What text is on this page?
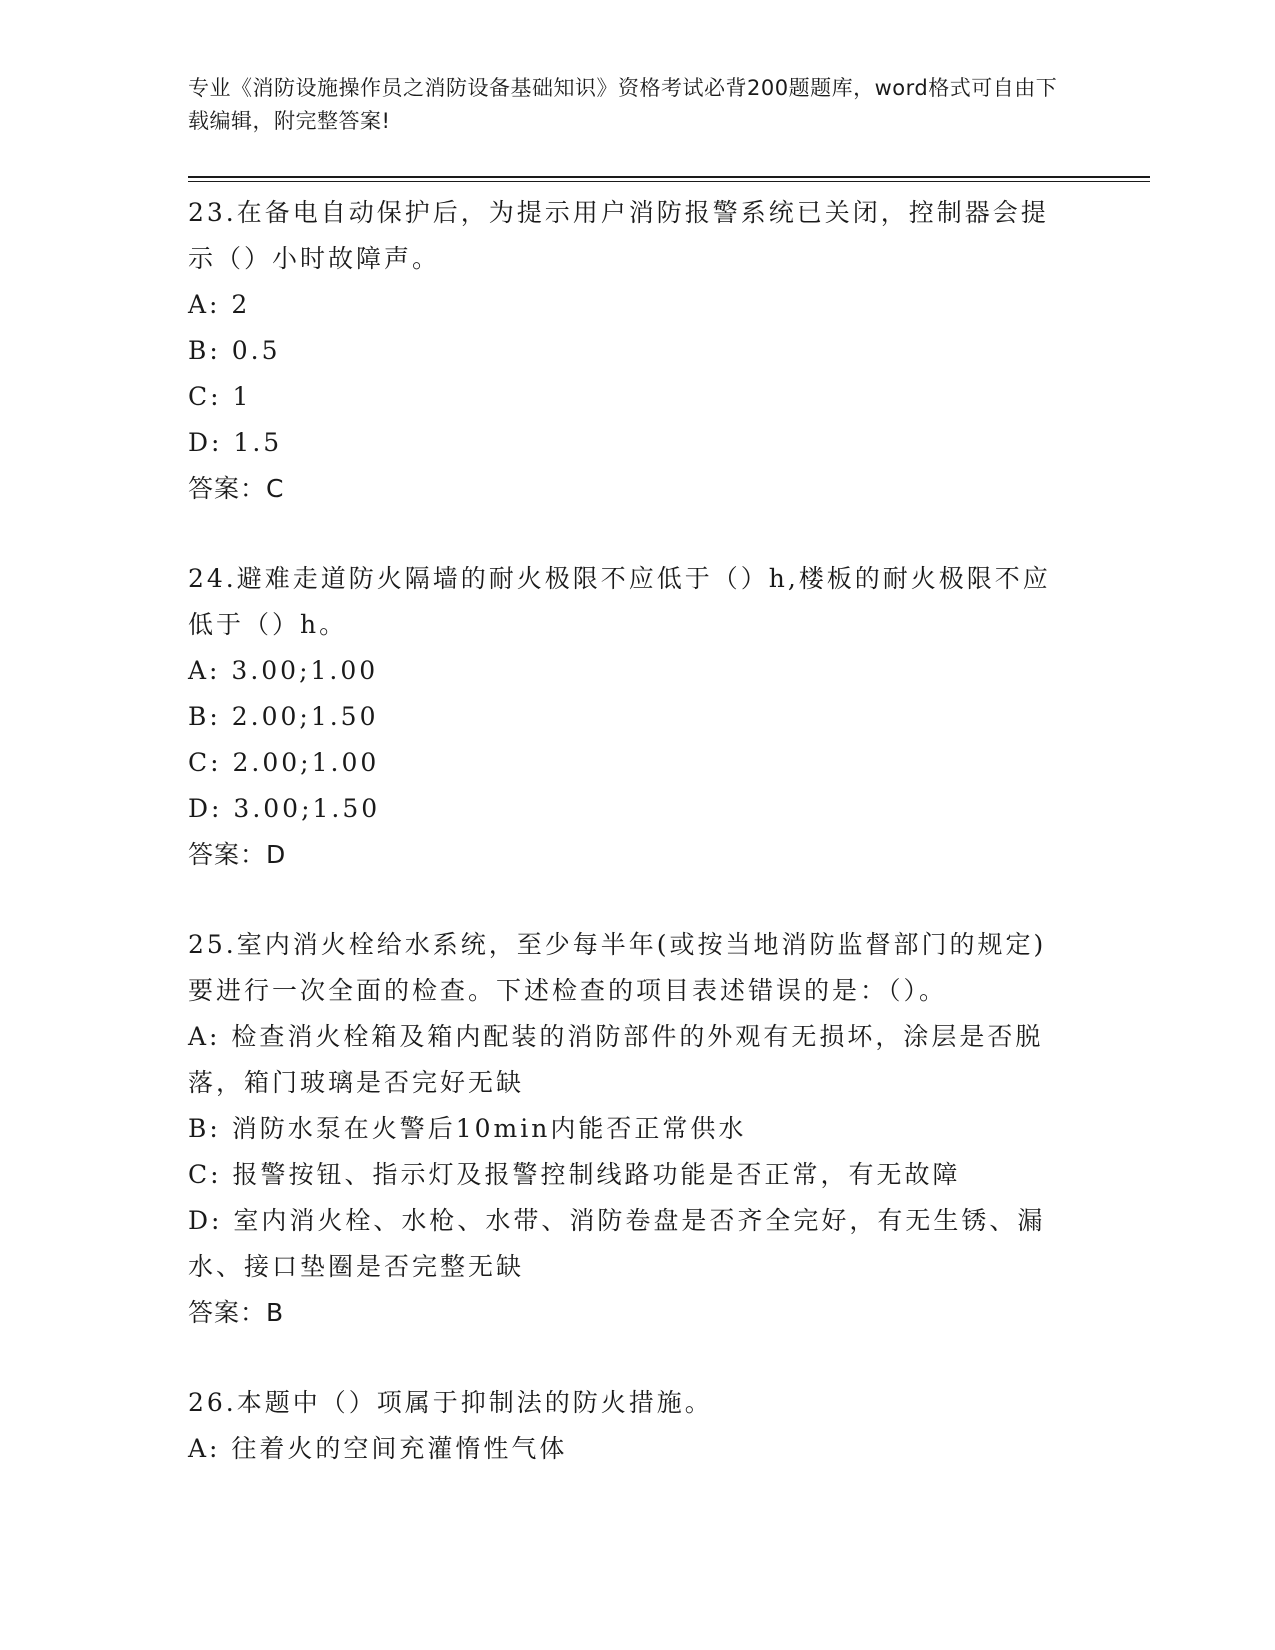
专业《消防设施操作员之消防设备基础知识》资格考试必背200题题库，word格式可自由下载编辑，附完整答案!
23.在备电自动保护后，为提示用户消防报警系统已关闭，控制器会提示（）小时故障声。
A: 2
B: 0.5
C: 1
D: 1.5
答案：C
24.避难走道防火隔墙的耐火极限不应低于（）h,楼板的耐火极限不应低于（）h。
A: 3.00;1.00
B: 2.00;1.50
C: 2.00;1.00
D: 3.00;1.50
答案：D
25.室内消火栓给水系统，至少每半年(或按当地消防监督部门的规定)要进行一次全面的检查。下述检查的项目表述错误的是：（）。
A: 检查消火栓箱及箱内配装的消防部件的外观有无损坏，涂层是否脱落，箱门玻璃是否完好无缺
B: 消防水泵在火警后10min内能否正常供水
C: 报警按钮、指示灯及报警控制线路功能是否正常，有无故障
D: 室内消火栓、水枪、水带、消防卷盘是否齐全完好，有无生锈、漏水、接口垫圈是否完整无缺
答案：B
26.本题中（）项属于抑制法的防火措施。
A: 往着火的空间充灌惰性气体
